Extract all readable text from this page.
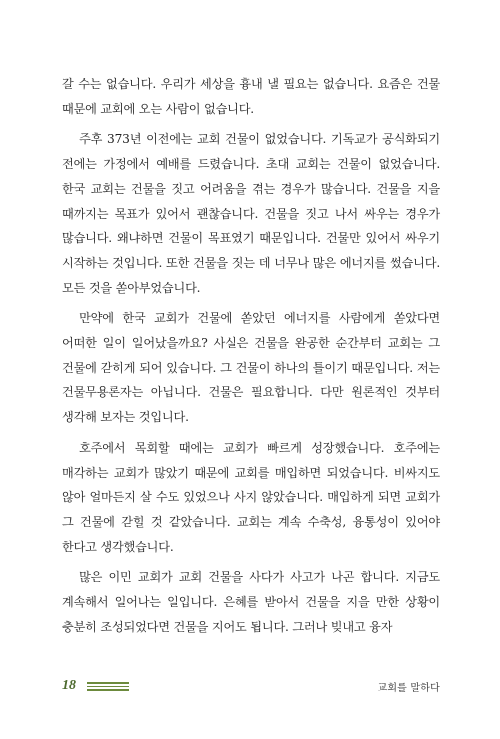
갈 수는 없습니다. 우리가 세상을 흉내 낼 필요는 없습니다. 요즘은 건물 때문에 교회에 오는 사람이 없습니다.

주후 373년 이전에는 교회 건물이 없었습니다. 기독교가 공식화되기 전에는 가정에서 예배를 드렸습니다. 초대 교회는 건물이 없었습니다. 한국 교회는 건물을 짓고 어려움을 겪는 경우가 많습니다. 건물을 지을 때까지는 목표가 있어서 괜찮습니다. 건물을 짓고 나서 싸우는 경우가 많습니다. 왜냐하면 건물이 목표였기 때문입니다. 건물만 있어서 싸우기 시작하는 것입니다. 또한 건물을 짓는 데 너무나 많은 에너지를 썼습니다. 모든 것을 쏟아부었습니다.

만약에 한국 교회가 건물에 쏟았던 에너지를 사람에게 쏟았다면 어떠한 일이 일어났을까요? 사실은 건물을 완공한 순간부터 교회는 그 건물에 갇히게 되어 있습니다. 그 건물이 하나의 틀이기 때문입니다. 저는 건물무용론자는 아닙니다. 건물은 필요합니다. 다만 원론적인 것부터 생각해 보자는 것입니다.

호주에서 목회할 때에는 교회가 빠르게 성장했습니다. 호주에는 매각하는 교회가 많았기 때문에 교회를 매입하면 되었습니다. 비싸지도 않아 얼마든지 살 수도 있었으나 사지 않았습니다. 매입하게 되면 교회가 그 건물에 갇힐 것 같았습니다. 교회는 계속 수축성, 융통성이 있어야 한다고 생각했습니다.

많은 이민 교회가 교회 건물을 사다가 사고가 나곤 합니다. 지금도 계속해서 일어나는 일입니다. 은혜를 받아서 건물을 지을 만한 상황이 충분히 조성되었다면 건물을 지어도 됩니다. 그러나 빚내고 융자

18	교회를 말하다
